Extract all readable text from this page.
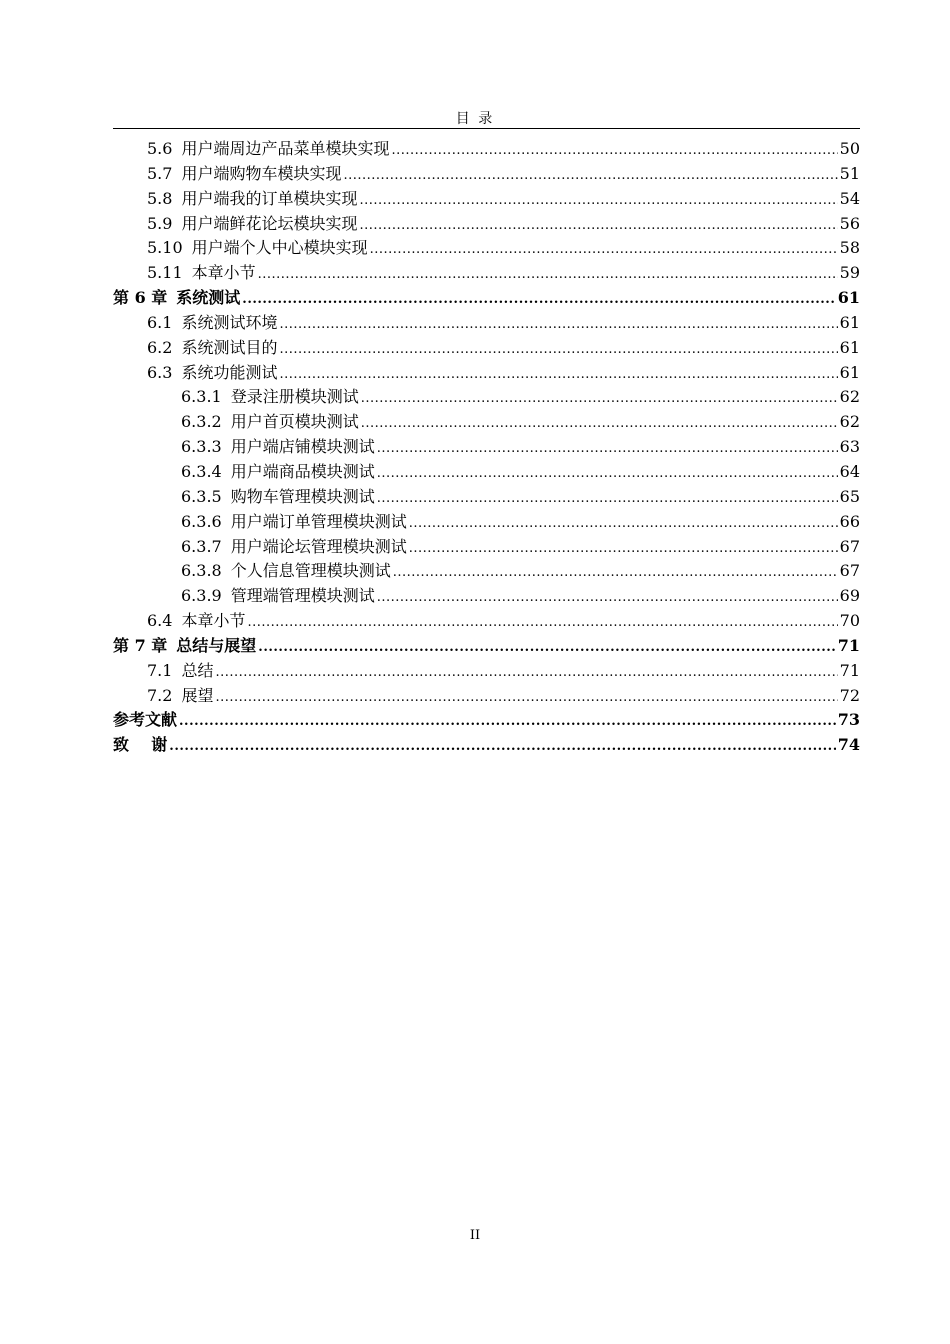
目 录
5.6 用户端周边产品菜单模块实现 .....	50
5.7 用户端购物车模块实现 .....	51
5.8 用户端我的订单模块实现 .....	54
5.9 用户端鲜花论坛模块实现 .....	56
5.10 用户端个人中心模块实现 .....	58
5.11 本章小节 .....	59
第 6 章 系统测试 .....	61
6.1 系统测试环境 .....	61
6.2 系统测试目的 .....	61
6.3 系统功能测试 .....	61
6.3.1 登录注册模块测试 .....	62
6.3.2 用户首页模块测试 .....	62
6.3.3 用户端店铺模块测试 .....	63
6.3.4 用户端商品模块测试 .....	64
6.3.5 购物车管理模块测试 .....	65
6.3.6 用户端订单管理模块测试 .....	66
6.3.7 用户端论坛管理模块测试 .....	67
6.3.8 个人信息管理模块测试 .....	67
6.3.9 管理端管理模块测试 .....	69
6.4 本章小节 .....	70
第 7 章 总结与展望 .....	71
7.1 总结 .....	71
7.2 展望 .....	72
参考文献 .....	73
致    谢 .....	74
II
